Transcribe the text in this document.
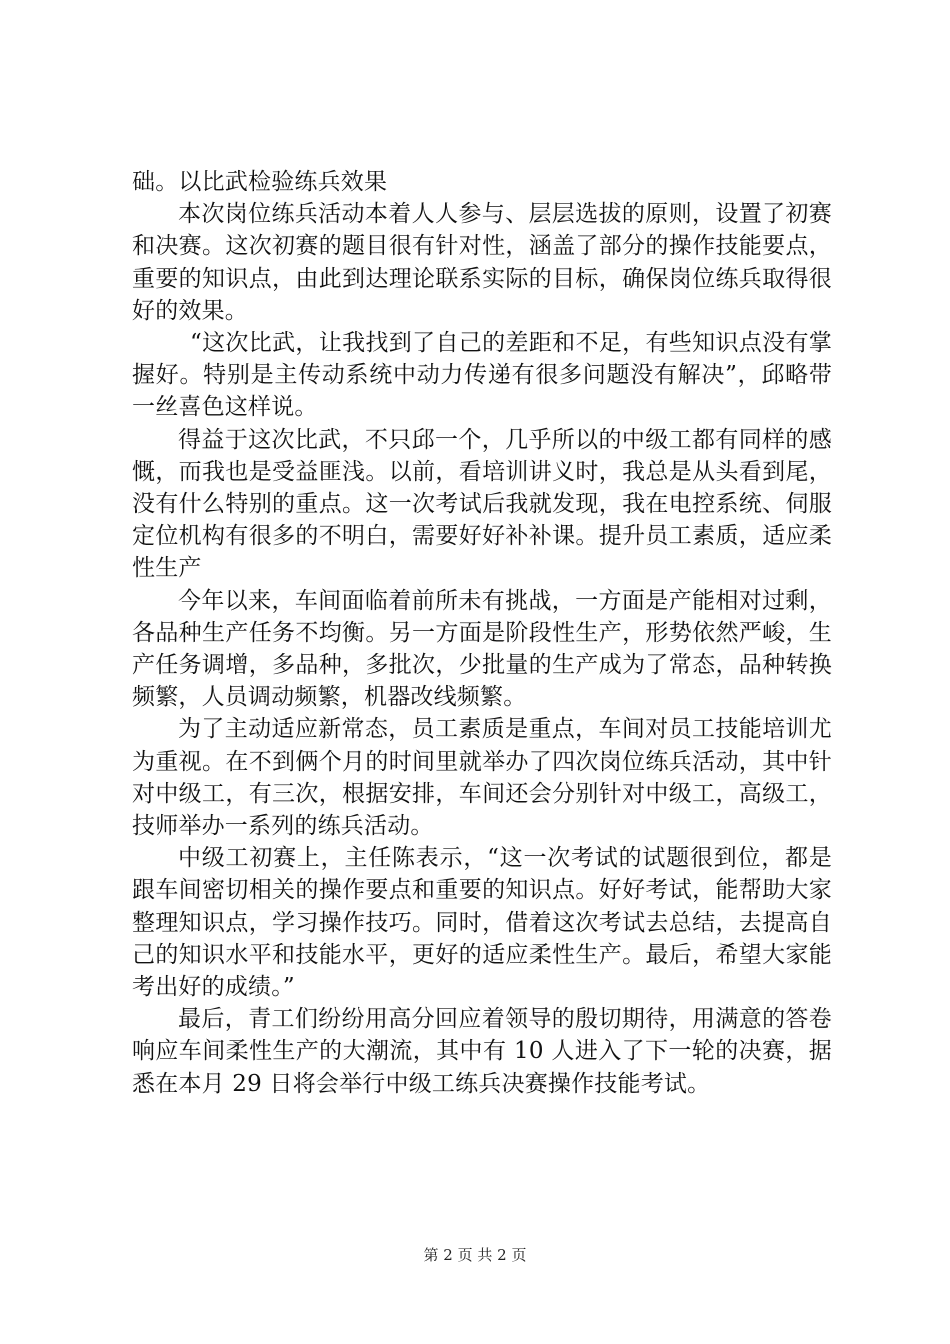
础。以比武检验练兵效果

本次岗位练兵活动本着人人参与、层层选拔的原则，设置了初赛和决赛。这次初赛的题目很有针对性，涵盖了部分的操作技能要点，重要的知识点，由此到达理论联系实际的目标，确保岗位练兵取得很好的效果。

“这次比武，让我找到了自己的差距和不足，有些知识点没有掌握好。特别是主传动系统中动力传递有很多问题没有解决”，邱略带一丝喜色这样说。

得益于这次比武，不只邱一个，几乎所以的中级工都有同样的感慨，而我也是受益匪浅。以前，看培训讲义时，我总是从头看到尾，没有什么特别的重点。这一次考试后我就发现，我在电控系统、伺服定位机构有很多的不明白，需要好好补补课。提升员工素质，适应柔性生产

今年以来，车间面临着前所未有挑战，一方面是产能相对过剩，各品种生产任务不均衡。另一方面是阶段性生产，形势依然严峻，生产任务调增，多品种，多批次，少批量的生产成为了常态，品种转换频繁，人员调动频繁，机器改线频繁。

为了主动适应新常态，员工素质是重点，车间对员工技能培训尤为重视。在不到俩个月的时间里就举办了四次岗位练兵活动，其中针对中级工，有三次，根据安排，车间还会分别针对中级工，高级工，技师举办一系列的练兵活动。

中级工初赛上，主任陈表示，“这一次考试的试题很到位，都是跟车间密切相关的操作要点和重要的知识点。好好考试，能帮助大家整理知识点，学习操作技巧。同时，借着这次考试去总结，去提高自己的知识水平和技能水平，更好的适应柔性生产。最后，希望大家能考出好的成绩。”

最后，青工们纷纷用高分回应着领导的殷切期待，用满意的答卷响应车间柔性生产的大潮流，其中有 10 人进入了下一轮的决赛，据悉在本月 29 日将会举行中级工练兵决赛操作技能考试。

第 2 页 共 2 页
